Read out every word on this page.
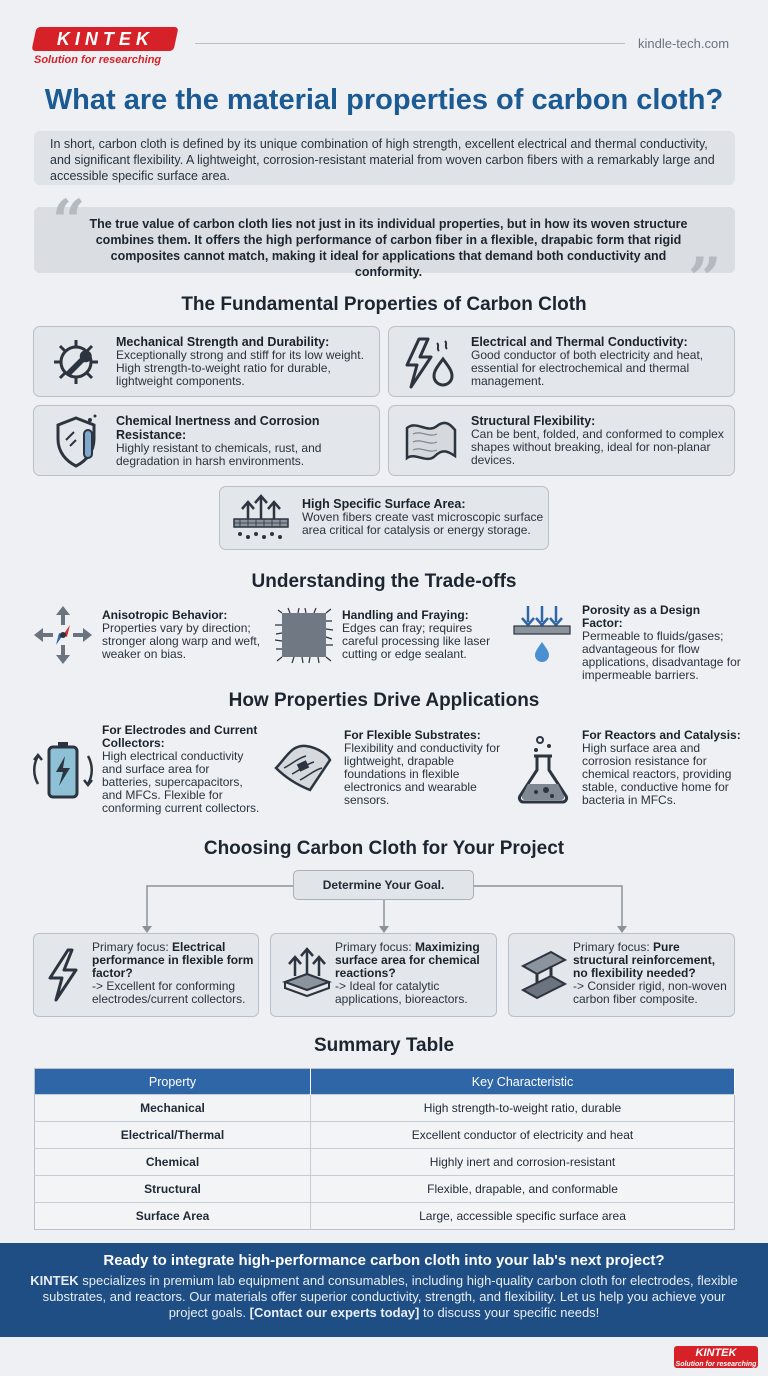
KINTEK
Solution for researching
kindle-tech.com
What are the material properties of carbon cloth?
In short, carbon cloth is defined by its unique combination of high strength, excellent electrical and thermal conductivity, and significant flexibility. A lightweight, corrosion-resistant material from woven carbon fibers with a remarkably large and accessible specific surface area.
The true value of carbon cloth lies not just in its individual properties, but in how its woven structure combines them. It offers the high performance of carbon fiber in a flexible, drapabic form that rigid composites cannot match, making it ideal for applications that demand both conductivity and conformity.
“
”
The Fundamental Properties of Carbon Cloth
Mechanical Strength and Durability:
Exceptionally strong and stiff for its low weight. High strength-to-weight ratio for durable, lightweight components.
Electrical and Thermal Conductivity:
Good conductor of both electricity and heat, essential for electrochemical and thermal management.
Chemical Inertness and Corrosion Resistance:
Highly resistant to chemicals, rust, and degradation in harsh environments.
Structural Flexibility:
Can be bent, folded, and conformed to complex shapes without breaking, ideal for non-planar devices.
High Specific Surface Area:
Woven fibers create vast microscopic surface area critical for catalysis or energy storage.
Understanding the Trade-offs
Anisotropic Behavior:
Properties vary by direction; stronger along warp and weft, weaker on bias.
Handling and Fraying:
Edges can fray; requires careful processing like laser cutting or edge sealant.
Porosity as a Design Factor:
Permeable to fluids/gases; advantageous for flow applications, disadvantage for impermeable barriers.
How Properties Drive Applications
For Electrodes and Current Collectors:
High electrical conductivity and surface area for batteries, supercapacitors, and MFCs. Flexible for conforming current collectors.
For Flexible Substrates:
Flexibility and conductivity for lightweight, drapable foundations in flexible electronics and wearable sensors.
For Reactors and Catalysis:
High surface area and corrosion resistance for chemical reactors, providing stable, conductive home for bacteria in MFCs.
Choosing Carbon Cloth for Your Project
Determine Your Goal.
Primary focus: Electrical performance in flexible form factor?
-> Excellent for conforming electrodes/current collectors.
Primary focus: Maximizing surface area for chemical reactions?
-> Ideal for catalytic applications, bioreactors.
Primary focus: Pure structural reinforcement, no flexibility needed?
-> Consider rigid, non-woven carbon fiber composite.
Summary Table
Property	Key Characteristic
Mechanical	High strength-to-weight ratio, durable
Electrical/Thermal	Excellent conductor of electricity and heat
Chemical	Highly inert and corrosion-resistant
Structural	Flexible, drapable, and conformable
Surface Area	Large, accessible specific surface area
Ready to integrate high-performance carbon cloth into your lab's next project?

KINTEK specializes in premium lab equipment and consumables, including high-quality carbon cloth for electrodes, flexible substrates, and reactors. Our materials offer superior conductivity, strength, and flexibility. Let us help you achieve your project goals. [Contact our experts today] to discuss your specific needs!

KINTEK
Solution for researching
